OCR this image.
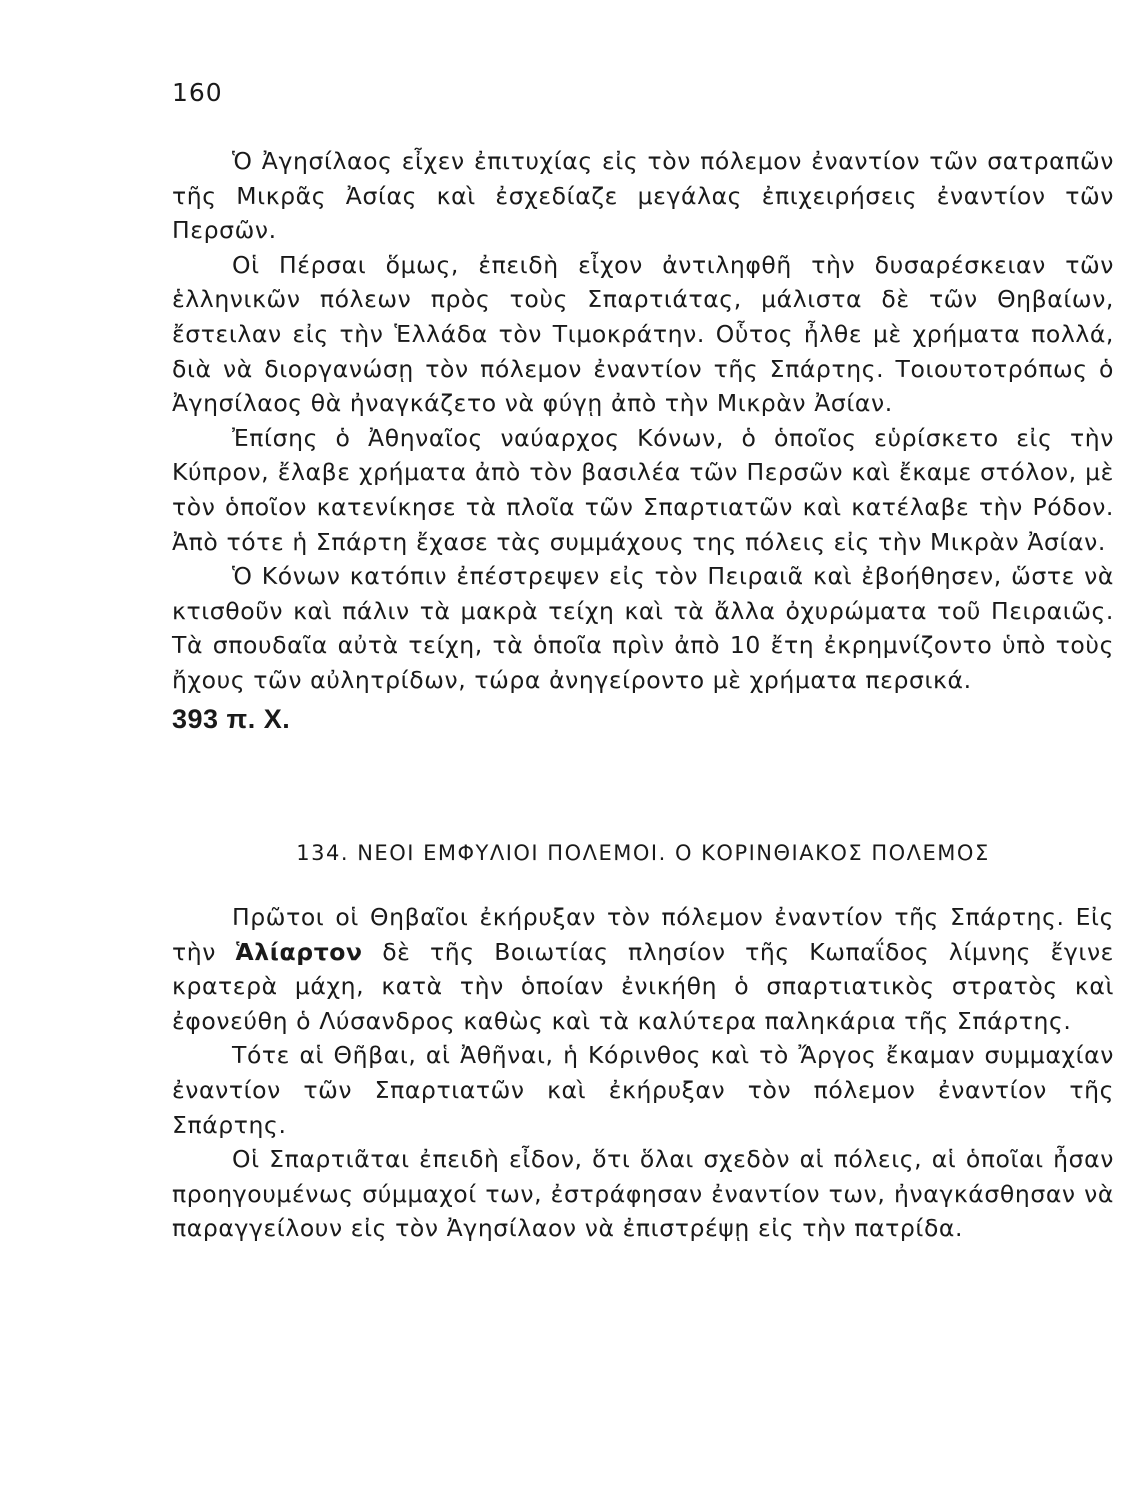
160

Ὁ Ἀγησίλαος εἶχεν ἐπιτυχίας εἰς τὸν πόλεμον ἐναντίον τῶν σατραπῶν τῆς Μικρᾶς Ἀσίας καὶ ἐσχεδίαζε μεγάλας ἐπιχειρήσεις ἐναντίον τῶν Περσῶν.

Οἱ Πέρσαι ὅμως, ἐπειδὴ εἶχον ἀντιληφθῆ τὴν δυσαρέσκειαν τῶν ἑλληνικῶν πόλεων πρὸς τοὺς Σπαρτιάτας, μάλιστα δὲ τῶν Θηβαίων, ἔστειλαν εἰς τὴν Ἑλλάδα τὸν Τιμοκράτην. Οὗτος ἦλθε μὲ χρήματα πολλά, διὰ νὰ διοργανώσῃ τὸν πόλεμον ἐναντίον τῆς Σπάρτης. Τοιουτοτρόπως ὁ Ἀγησίλαος θὰ ἠναγκάζετο νὰ φύγῃ ἀπὸ τὴν Μικρὰν Ἀσίαν.

Ἐπίσης ὁ Ἀθηναῖος ναύαρχος Κόνων, ὁ ὁποῖος εὑρίσκετο εἰς τὴν Κύπρον, ἔλαβε χρήματα ἀπὸ τὸν βασιλέα τῶν Περσῶν καὶ ἔκαμε στόλον, μὲ τὸν ὁποῖον κατενίκησε τὰ πλοῖα τῶν Σπαρτιατῶν καὶ κατέλαβε τὴν Ρόδον. Ἀπὸ τότε ἡ Σπάρτη ἔχασε τὰς συμμάχους της πόλεις εἰς τὴν Μικρὰν Ἀσίαν.

Ὁ Κόνων κατόπιν ἐπέστρεψεν εἰς τὸν Πειραιᾶ καὶ ἐβοήθησεν, ὥστε νὰ κτισθοῦν καὶ πάλιν τὰ μακρὰ τείχη καὶ τὰ ἄλλα ὀχυρώματα τοῦ Πειραιῶς. Τὰ σπουδαῖα αὐτὰ τείχη, τὰ ὁποῖα πρὶν ἀπὸ 10 ἔτη ἐκρημνίζοντο ὑπὸ τοὺς ἤχους τῶν αὐλητρίδων, τώρα ἀνηγείροντο μὲ χρήματα περσικά.

393 π. Χ.
134. ΝΕΟΙ ΕΜΦΥΛΙΟΙ ΠΟΛΕΜΟΙ. Ο ΚΟΡΙΝΘΙΑΚΟΣ ΠΟΛΕΜΟΣ

Πρῶτοι οἱ Θηβαῖοι ἐκήρυξαν τὸν πόλεμον ἐναντίον τῆς Σπάρτης. Εἰς τὴν Ἁλίαρτον δὲ τῆς Βοιωτίας πλησίον τῆς Κωπαΐδος λίμνης ἔγινε κρατερὰ μάχη, κατὰ τὴν ὁποίαν ἐνικήθη ὁ σπαρτιατικὸς στρατὸς καὶ ἐφονεύθη ὁ Λύσανδρος καθὼς καὶ τὰ καλύτερα παληκάρια τῆς Σπάρτης.

Τότε αἱ Θῆβαι, αἱ Ἀθῆναι, ἡ Κόρινθος καὶ τὸ Ἄργος ἔκαμαν συμμαχίαν ἐναντίον τῶν Σπαρτιατῶν καὶ ἐκήρυξαν τὸν πόλεμον ἐναντίον τῆς Σπάρτης.

Οἱ Σπαρτιᾶται ἐπειδὴ εἶδον, ὅτι ὅλαι σχεδὸν αἱ πόλεις, αἱ ὁποῖαι ἦσαν προηγουμένως σύμμαχοί των, ἐστράφησαν ἐναντίον των, ἠναγκάσθησαν νὰ παραγγείλουν εἰς τὸν Ἀγησίλαον νὰ ἐπιστρέψῃ εἰς τὴν πατρίδα.
